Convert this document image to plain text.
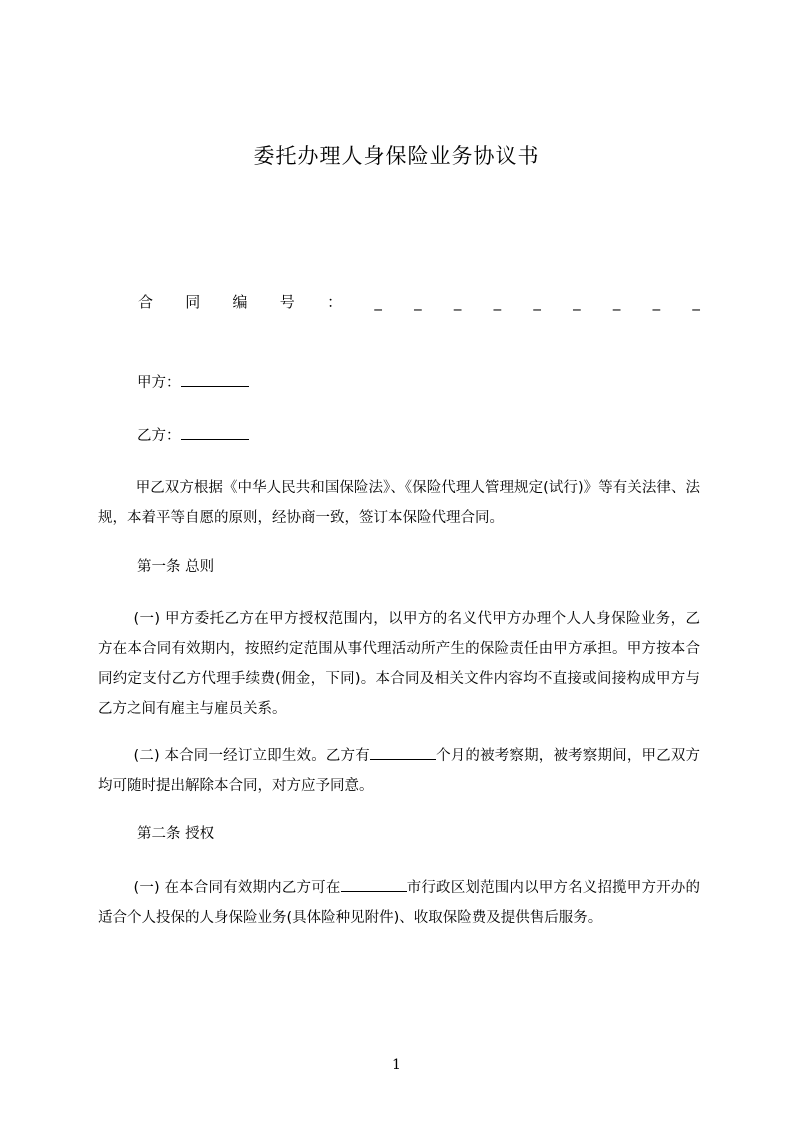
委托办理人身保险业务协议书
合 同 编 号 ： _ _ _ _ _ _ _ _ _
甲方：
乙方：
甲乙双方根据《中华人民共和国保险法》、《保险代理人管理规定(试行)》等有关法律、法规，本着平等自愿的原则，经协商一致，签订本保险代理合同。
第一条 总则
(一) 甲方委托乙方在甲方授权范围内，以甲方的名义代甲方办理个人人身保险业务，乙方在本合同有效期内，按照约定范围从事代理活动所产生的保险责任由甲方承担。甲方按本合同约定支付乙方代理手续费(佣金，下同)。本合同及相关文件内容均不直接或间接构成甲方与乙方之间有雇主与雇员关系。
(二) 本合同一经订立即生效。乙方有	个月的被考察期，被考察期间，甲乙双方均可随时提出解除本合同，对方应予同意。
第二条 授权
(一) 在本合同有效期内乙方可在	市行政区划范围内以甲方名义招揽甲方开办的适合个人投保的人身保险业务(具体险种见附件)、收取保险费及提供售后服务。
1
